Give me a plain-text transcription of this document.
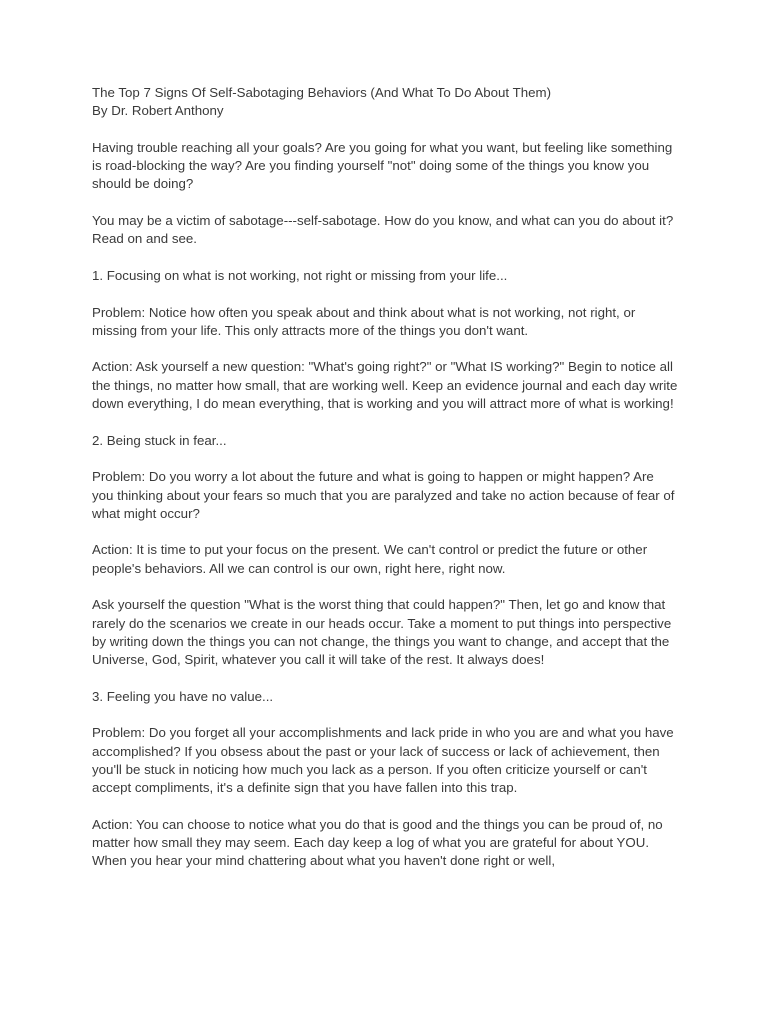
The Top 7 Signs Of Self-Sabotaging Behaviors (And What To Do About Them)
By Dr. Robert Anthony

Having trouble reaching all your goals? Are you going for what you want, but feeling like something is road-blocking the way? Are you finding yourself "not" doing some of the things you know you should be doing?

You may be a victim of sabotage---self-sabotage. How do you know, and what can you do about it? Read on and see.

1. Focusing on what is not working, not right or missing from your life...

Problem: Notice how often you speak about and think about what is not working, not right, or missing from your life. This only attracts more of the things you don't want.

Action: Ask yourself a new question: "What's going right?" or "What IS working?" Begin to notice all the things, no matter how small, that are working well. Keep an evidence journal and each day write down everything, I do mean everything, that is working and you will attract more of what is working!

2. Being stuck in fear...

Problem: Do you worry a lot about the future and what is going to happen or might happen? Are you thinking about your fears so much that you are paralyzed and take no action because of fear of what might occur?

Action: It is time to put your focus on the present. We can't control or predict the future or other people's behaviors. All we can control is our own, right here, right now.

Ask yourself the question "What is the worst thing that could happen?" Then, let go and know that rarely do the scenarios we create in our heads occur. Take a moment to put things into perspective by writing down the things you can not change, the things you want to change, and accept that the Universe, God, Spirit, whatever you call it will take of the rest. It always does!

3. Feeling you have no value...

Problem: Do you forget all your accomplishments and lack pride in who you are and what you have accomplished? If you obsess about the past or your lack of success or lack of achievement, then you'll be stuck in noticing how much you lack as a person. If you often criticize yourself or can't accept compliments, it's a definite sign that you have fallen into this trap.

Action: You can choose to notice what you do that is good and the things you can be proud of, no matter how small they may seem. Each day keep a log of what you are grateful for about YOU. When you hear your mind chattering about what you haven't done right or well,
